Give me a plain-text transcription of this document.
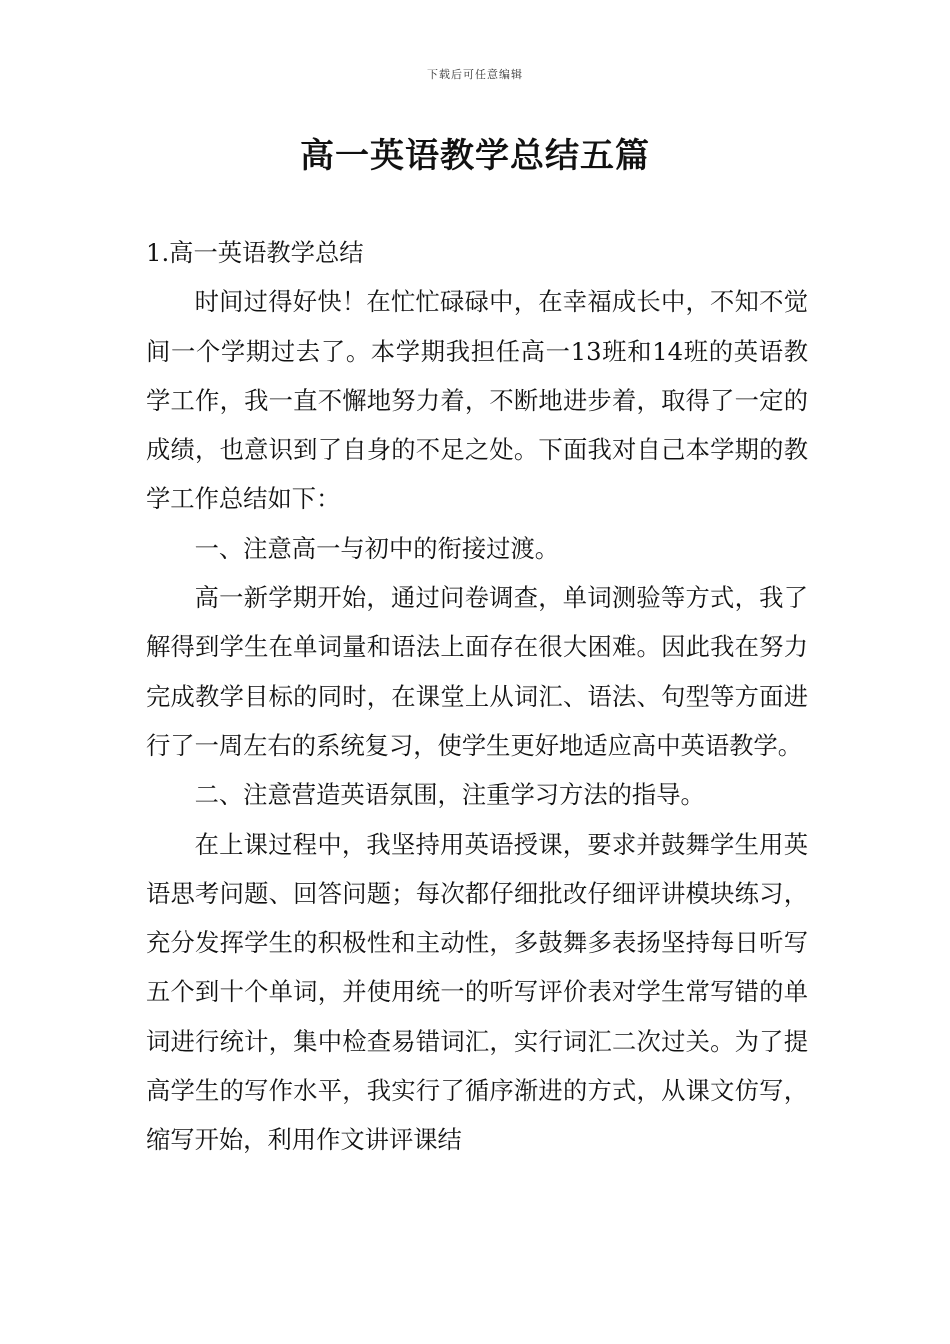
下载后可任意编辑
高一英语教学总结五篇
1.高一英语教学总结

时间过得好快！在忙忙碌碌中，在幸福成长中，不知不觉间一个学期过去了。本学期我担任高一13班和14班的英语教学工作，我一直不懈地努力着，不断地进步着，取得了一定的成绩，也意识到了自身的不足之处。下面我对自己本学期的教学工作总结如下：

一、注意高一与初中的衔接过渡。

高一新学期开始，通过问卷调查，单词测验等方式，我了解得到学生在单词量和语法上面存在很大困难。因此我在努力完成教学目标的同时，在课堂上从词汇、语法、句型等方面进行了一周左右的系统复习，使学生更好地适应高中英语教学。

二、注意营造英语氛围，注重学习方法的指导。

在上课过程中，我坚持用英语授课，要求并鼓舞学生用英语思考问题、回答问题；每次都仔细批改仔细评讲模块练习，充分发挥学生的积极性和主动性，多鼓舞多表扬坚持每日听写五个到十个单词，并使用统一的听写评价表对学生常写错的单词进行统计，集中检查易错词汇，实行词汇二次过关。为了提高学生的写作水平，我实行了循序渐进的方式，从课文仿写，缩写开始，利用作文讲评课结
